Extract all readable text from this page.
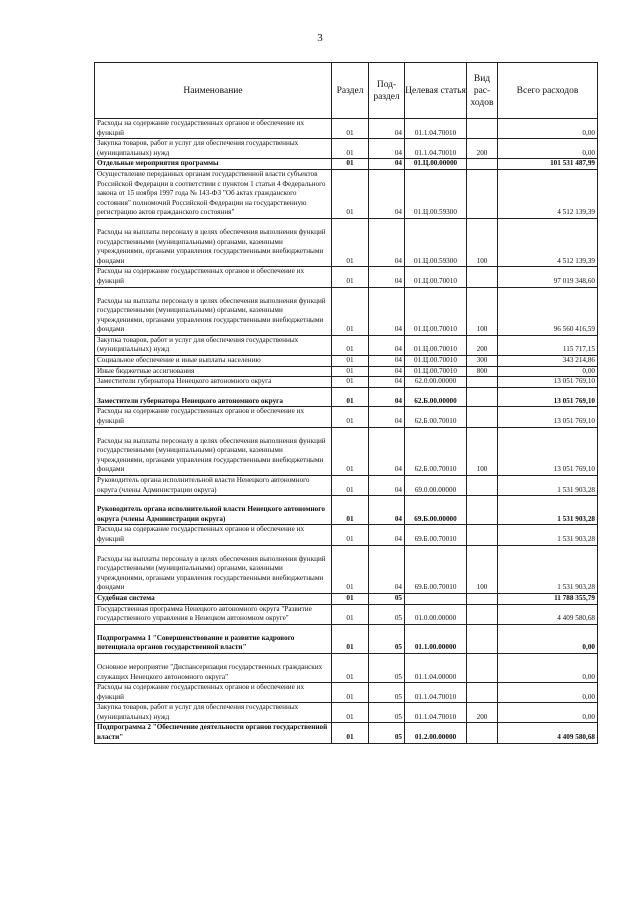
3
Наименование	Раздел	Под-раздел	Целевая статья	Вид рас-ходов	Всего расходов
Расходы на содержание государственных органов и обеспечение их функций	01	04	01.1.04.70010		0,00
Закупка товаров, работ и услуг для обеспечения государственных (муниципальных) нужд	01	04	01.1.04.70010	200	0,00
Отдельные мероприятия программы	01	04	01.Ц.00.00000		101 531 487,99
Осуществление переданных органам государственной власти субъектов Российской Федерации в соответствии с пунктом 1 статьи 4 Федерального закона от 15 ноября 1997 года № 143-ФЗ "Об актах гражданского состояния" полномочий Российской Федерации на государственную регистрацию актов гражданского состояния"	01	04	01.Ц.00.59300		4 512 139,39
Расходы на выплаты персоналу в целях обеспечения выполнения функций государственными (муниципальными) органами, казенными учреждениями, органами управления государственными внебюджетными фондами	01	04	01.Ц.00.59300	100	4 512 139,39
Расходы на содержание государственных органов и обеспечение их функций	01	04	01.Ц.00.70010		97 019 348,60
Расходы на выплаты персоналу в целях обеспечения выполнения функций государственными (муниципальными) органами, казенными учреждениями, органами управления государственными внебюджетными фондами	01	04	01.Ц.00.70010	100	96 560 416,59
Закупка товаров, работ и услуг для обеспечения государственных (муниципальных) нужд	01	04	01.Ц.00.70010	200	115 717,15
Социальное обеспечение и иные выплаты населению	01	04	01.Ц.00.70010	300	343 214,86
Иные бюджетные ассигнования	01	04	01.Ц.00.70010	800	0,00
Заместители губернатора Ненецкого автономного округа	01	04	62.0.00.00000		13 051 769,10
Заместители губернатора Ненецкого автономного округа	01	04	62.Б.00.00000		13 051 769,10
Расходы на содержание государственных органов и обеспечение их функций	01	04	62.Б.00.70010		13 051 769,10
Расходы на выплаты персоналу в целях обеспечения выполнения функций государственными (муниципальными) органами, казенными учреждениями, органами управления государственными внебюджетными фондами	01	04	62.Б.00.70010	100	13 051 769,10
Руководитель органа исполнительной власти Ненецкого автономного округа (члены Администрации округа)	01	04	69.0.00.00000		1 531 903,28
Руководитель органа исполнительной власти Ненецкого автономного округа (члены Администрации округа)	01	04	69.Б.00.00000		1 531 903,28
Расходы на содержание государственных органов и обеспечение их функций	01	04	69.Б.00.70010		1 531 903,28
Расходы на выплаты персоналу в целях обеспечения выполнения функций государственными (муниципальными) органами, казенными учреждениями, органами управления государственными внебюджетными фондами	01	04	69.Б.00.70010	100	1 531 903,28
Судебная система	01	05			11 788 355,79
Государственная программа Ненецкого автономного округа "Развитие государственного управления в Ненецком автономном округе"	01	05	01.0.00.00000		4 409 580,68
Подпрограмма 1 "Совершенствование и развитие кадрового потенциала органов государственной власти"	01	05	01.1.00.00000		0,00
Основное мероприятие "Диспансеризация государственных гражданских служащих Ненецкого автономного округа"	01	05	01.1.04.00000		0,00
Расходы на содержание государственных органов и обеспечение их функций	01	05	01.1.04.70010		0,00
Закупка товаров, работ и услуг для обеспечения государственных (муниципальных) нужд	01	05	01.1.04.70010	200	0,00
Подпрограмма 2 "Обеспечение деятельности органов государственной власти"	01	05	01.2.00.00000		4 409 580,68
